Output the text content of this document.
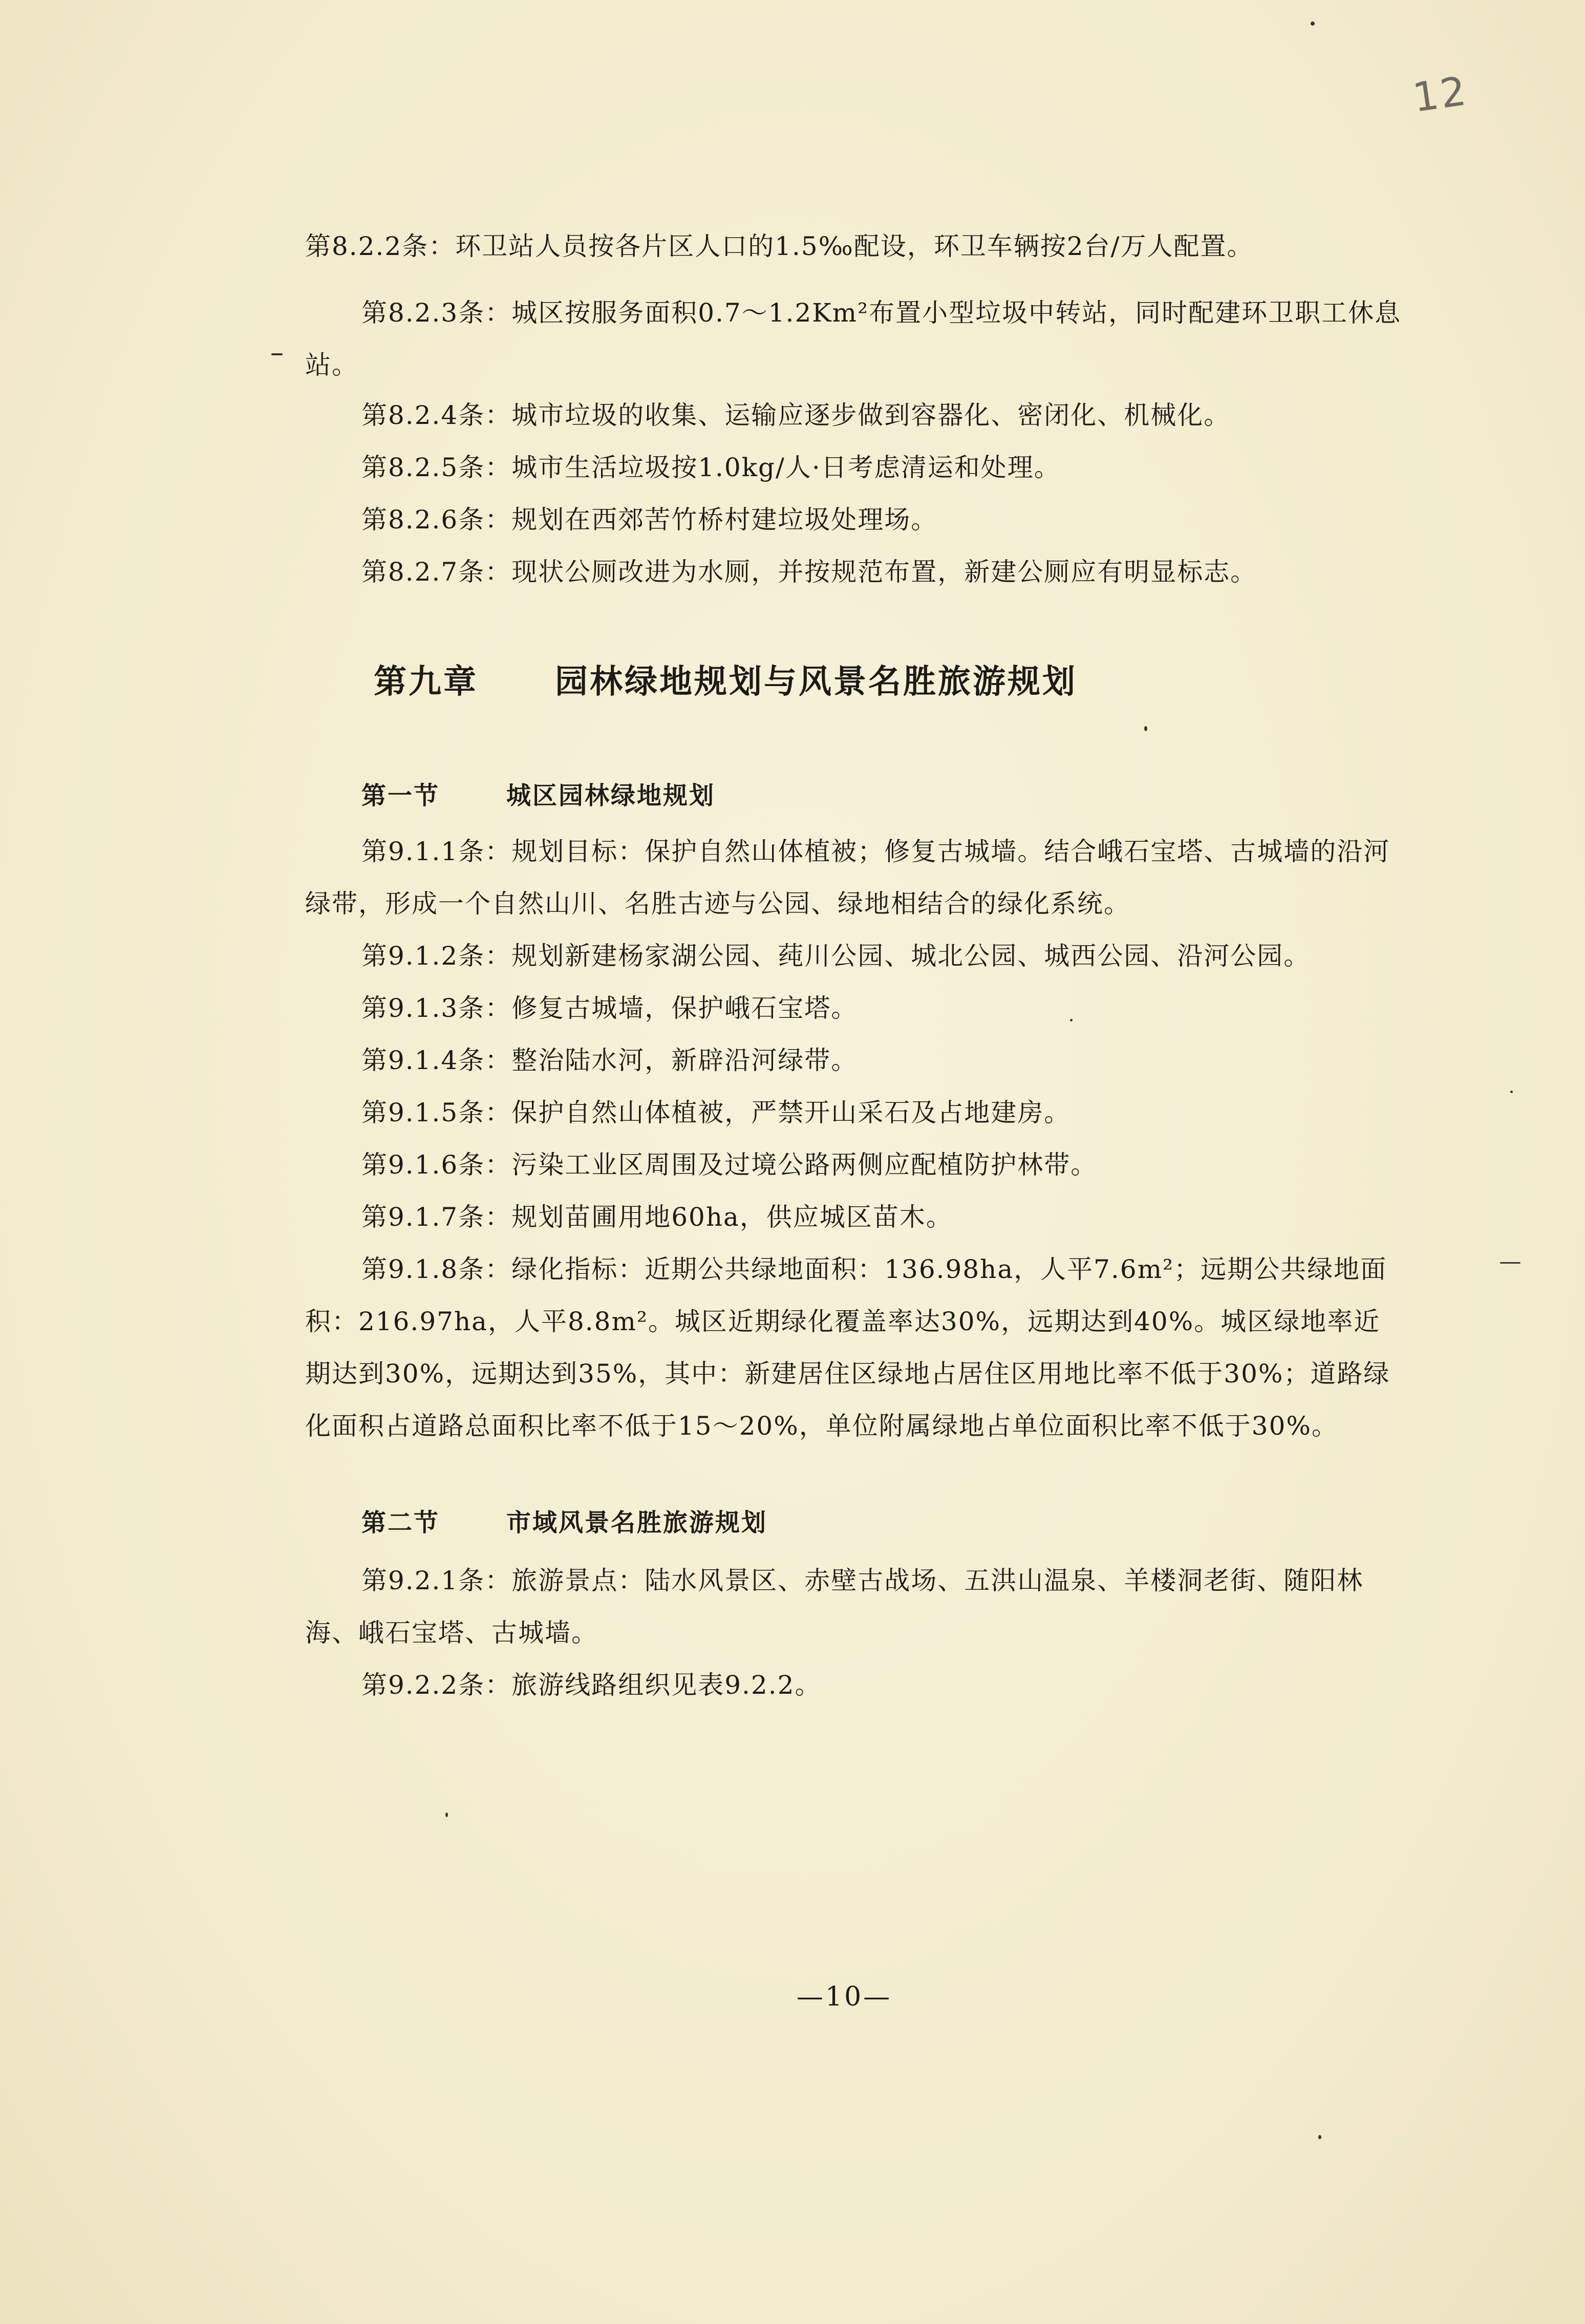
12

第8.2.2条：环卫站人员按各片区人口的1.5‰配设，环卫车辆按2台/万人配置。

第8.2.3条：城区按服务面积0.7～1.2Km²布置小型垃圾中转站，同时配建环卫职工休息站。

第8.2.4条：城市垃圾的收集、运输应逐步做到容器化、密闭化、机械化。

第8.2.5条：城市生活垃圾按1.0kg/人·日考虑清运和处理。

第8.2.6条：规划在西郊苦竹桥村建垃圾处理场。

第8.2.7条：现状公厕改进为水厕，并按规范布置，新建公厕应有明显标志。

第九章 园林绿地规划与风景名胜旅游规划
第一节	城区园林绿地规划

第9.1.1条：规划目标：保护自然山体植被；修复古城墙。结合峨石宝塔、古城墙的沿河绿带，形成一个自然山川、名胜古迹与公园、绿地相结合的绿化系统。

第9.1.2条：规划新建杨家湖公园、莼川公园、城北公园、城西公园、沿河公园。

第9.1.3条：修复古城墙，保护峨石宝塔。

第9.1.4条：整治陆水河，新辟沿河绿带。

第9.1.5条：保护自然山体植被，严禁开山采石及占地建房。

第9.1.6条：污染工业区周围及过境公路两侧应配植防护林带。

第9.1.7条：规划苗圃用地60ha，供应城区苗木。

第9.1.8条：绿化指标：近期公共绿地面积：136.98ha，人平7.6m²；远期公共绿地面积：216.97ha，人平8.8m²。城区近期绿化覆盖率达30%，远期达到40%。城区绿地率近期达到30%，远期达到35%，其中：新建居住区绿地占居住区用地比率不低于30%；道路绿化面积占道路总面积比率不低于15～20%，单位附属绿地占单位面积比率不低于30%。

第二节	市域风景名胜旅游规划

第9.2.1条：旅游景点：陆水风景区、赤壁古战场、五洪山温泉、羊楼洞老街、随阳林海、峨石宝塔、古城墙。

第9.2.2条：旅游线路组织见表9.2.2。

—10—
